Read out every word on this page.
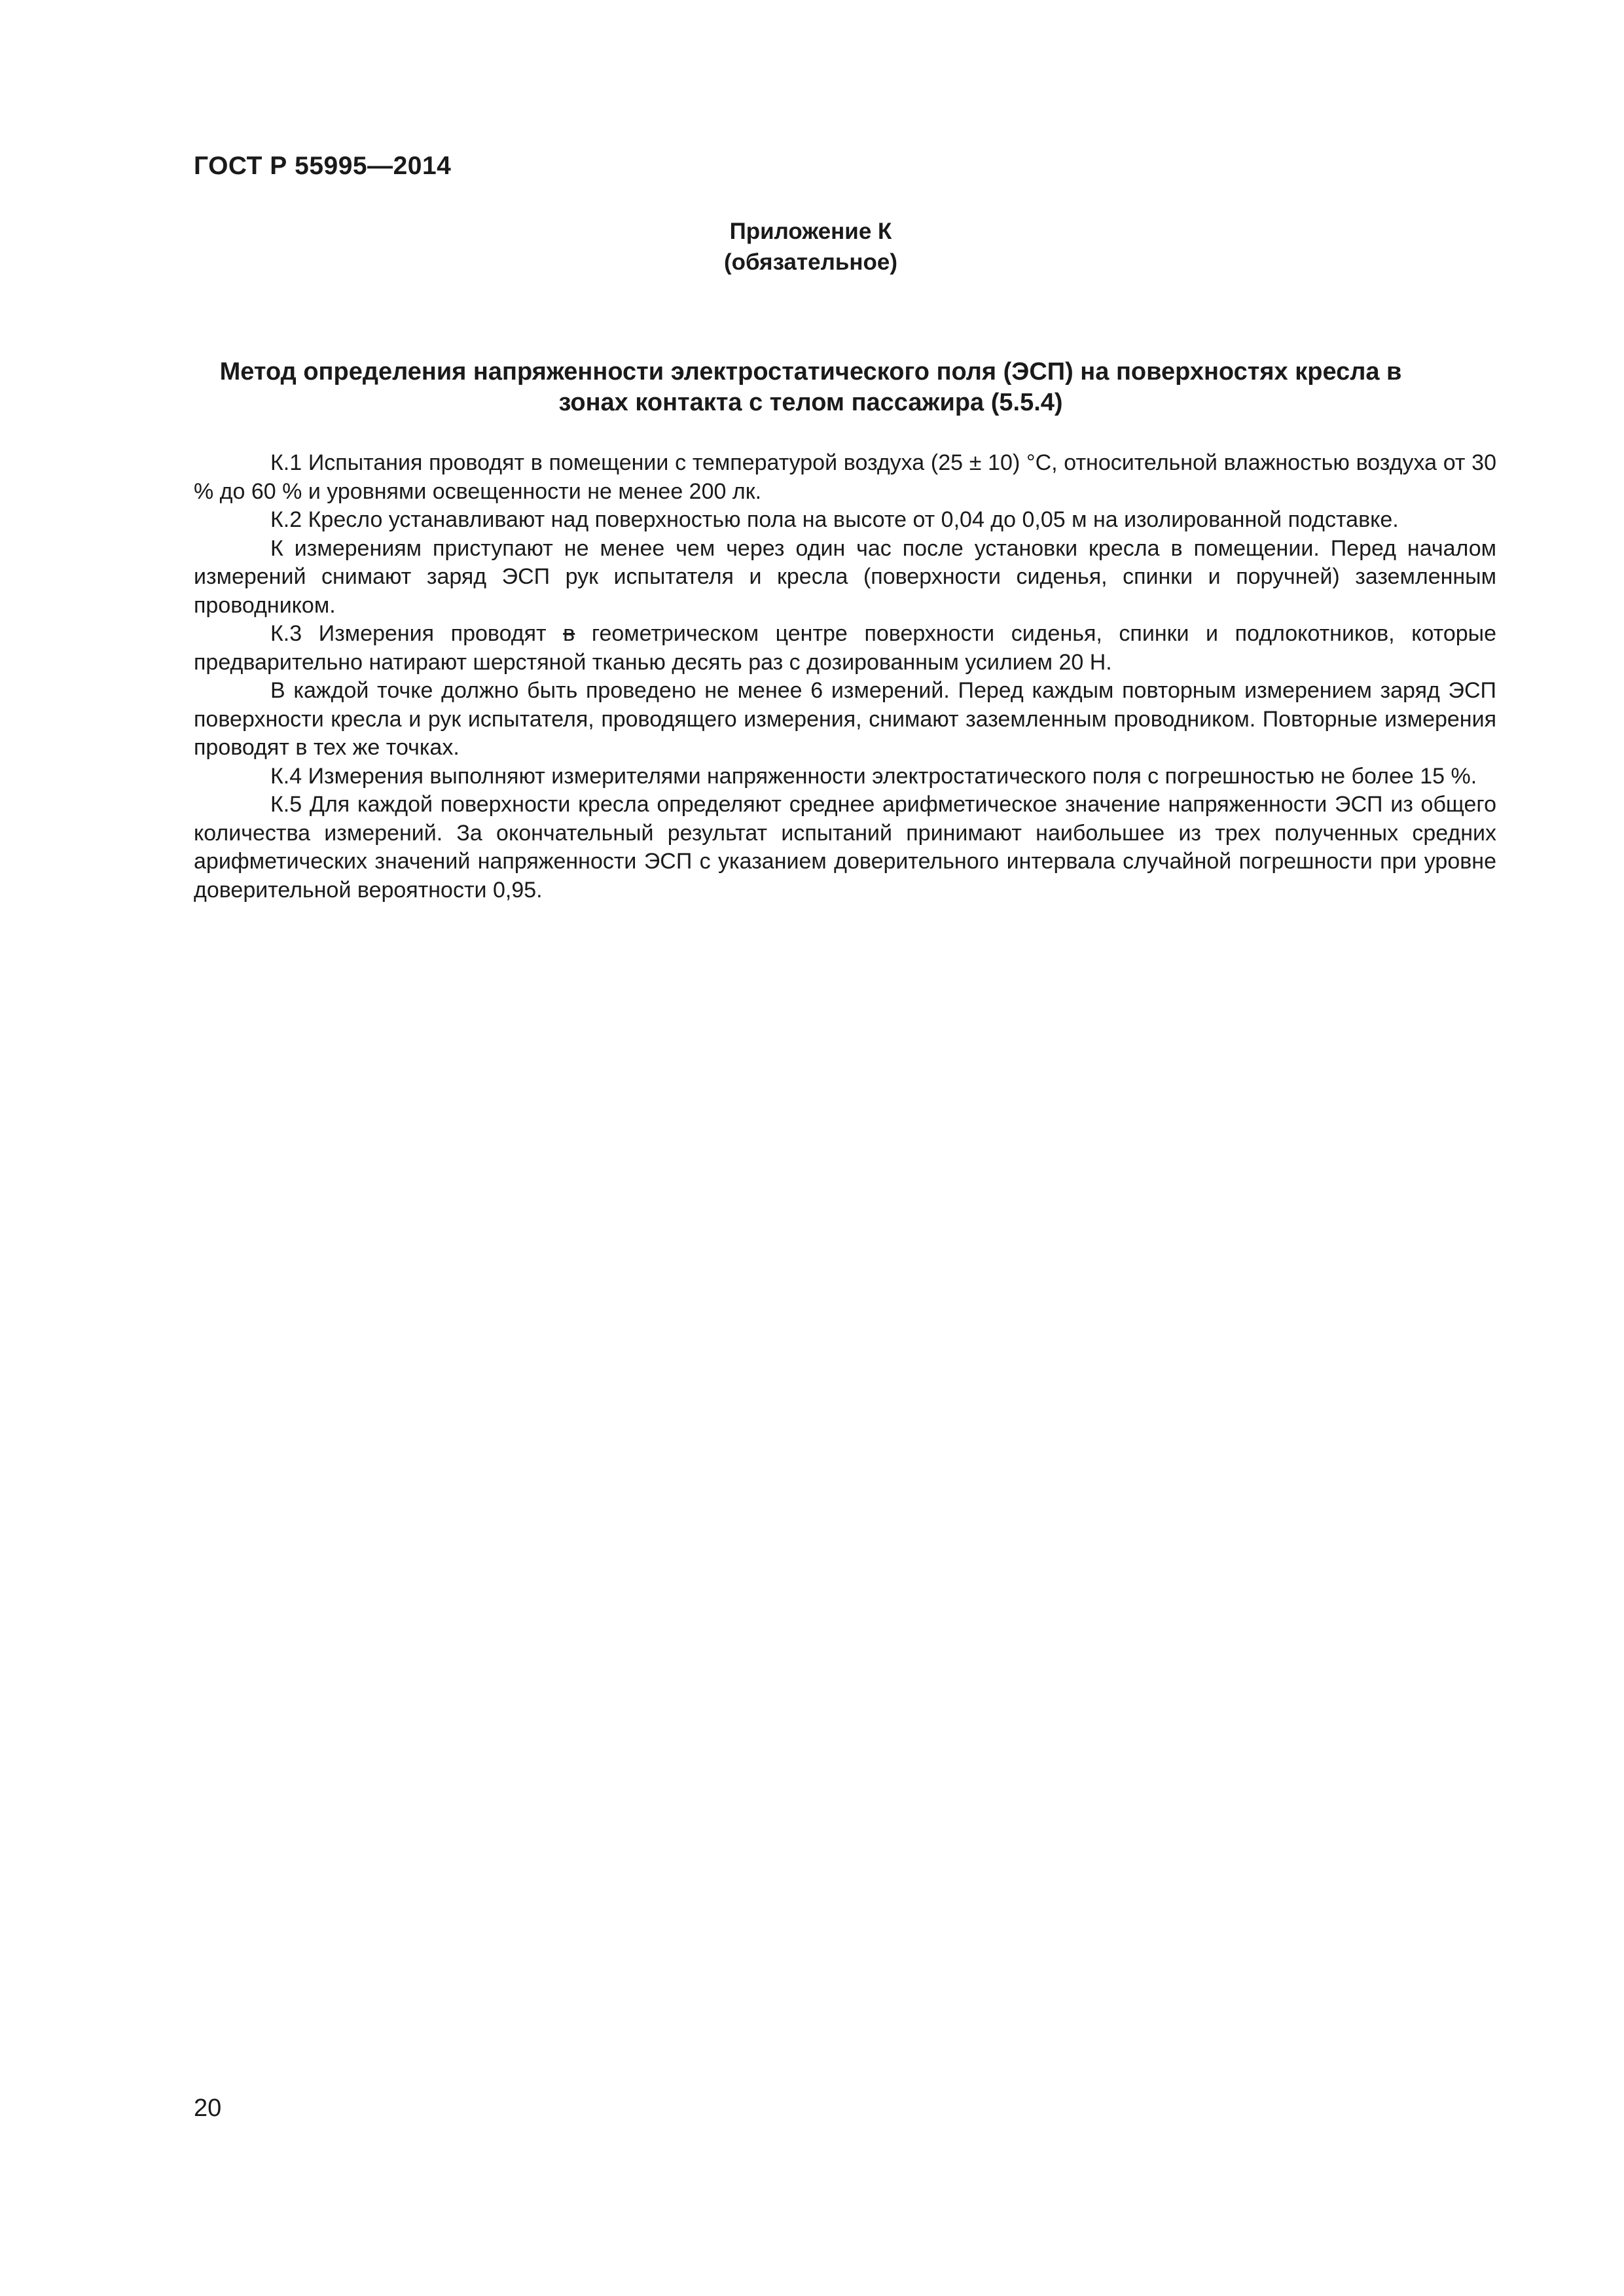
ГОСТ Р 55995—2014
Приложение К
(обязательное)
Метод определения напряженности электростатического поля (ЭСП) на поверхностях кресла в
зонах контакта с телом пассажира (5.5.4)

К.1 Испытания проводят в помещении с температурой воздуха (25 ± 10) °С, относительной влажностью воздуха от 30 % до 60 % и уровнями освещенности не менее 200 лк.

К.2 Кресло устанавливают над поверхностью пола на высоте от 0,04 до 0,05 м на изолированной подставке.

К измерениям приступают не менее чем через один час после установки кресла в помещении. Перед началом измерений снимают заряд ЭСП рук испытателя и кресла (поверхности сиденья, спинки и поручней) заземленным проводником.

К.3 Измерения проводят в геометрическом центре поверхности сиденья, спинки и подлокотников, которые предварительно натирают шерстяной тканью десять раз с дозированным усилием 20 Н.

В каждой точке должно быть проведено не менее 6 измерений. Перед каждым повторным измерением заряд ЭСП поверхности кресла и рук испытателя, проводящего измерения, снимают заземленным проводником. Повторные измерения проводят в тех же точках.

К.4 Измерения выполняют измерителями напряженности электростатического поля с погрешностью не более 15 %.

К.5 Для каждой поверхности кресла определяют среднее арифметическое значение напряженности ЭСП из общего количества измерений. За окончательный результат испытаний принимают наибольшее из трех полученных средних арифметических значений напряженности ЭСП с указанием доверительного интервала случайной погрешности при уровне доверительной вероятности 0,95.

20
